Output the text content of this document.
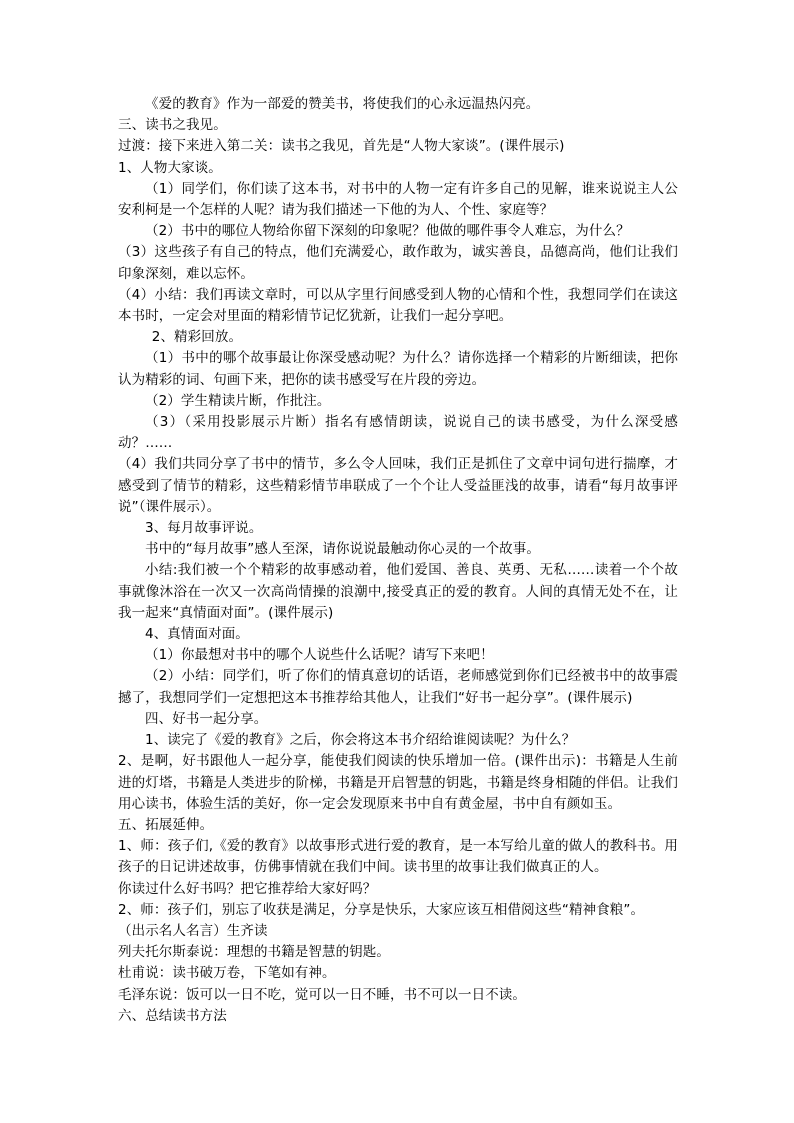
《爱的教育》作为一部爱的赞美书，将使我们的心永远温热闪亮。

三、读书之我见。

过渡：接下来进入第二关：读书之我见，首先是“人物大家谈”。(课件展示)

1、人物大家谈。

（1）同学们，你们读了这本书，对书中的人物一定有许多自己的见解，谁来说说主人公安利柯是一个怎样的人呢？请为我们描述一下他的为人、个性、家庭等？

（2）书中的哪位人物给你留下深刻的印象呢？他做的哪件事令人难忘，为什么？

（3）这些孩子有自己的特点，他们充满爱心，敢作敢为，诚实善良，品德高尚，他们让我们印象深刻，难以忘怀。

（4）小结：我们再读文章时，可以从字里行间感受到人物的心情和个性，我想同学们在读这本书时，一定会对里面的精彩情节记忆犹新，让我们一起分享吧。

2、精彩回放。

（1）书中的哪个故事最让你深受感动呢？为什么？请你选择一个精彩的片断细读，把你认为精彩的词、句画下来，把你的读书感受写在片段的旁边。

（2）学生精读片断，作批注。

（3）（采用投影展示片断）指名有感情朗读，说说自己的读书感受，为什么深受感动？……

（4）我们共同分享了书中的情节，多么令人回味，我们正是抓住了文章中词句进行揣摩，才感受到了情节的精彩，这些精彩情节串联成了一个个让人受益匪浅的故事，请看“每月故事评说”（课件展示）。

3、每月故事评说。

书中的“每月故事”感人至深，请你说说最触动你心灵的一个故事。

小结:我们被一个个精彩的故事感动着，他们爱国、善良、英勇、无私……读着一个个故事就像沐浴在一次又一次高尚情操的浪潮中,接受真正的爱的教育。人间的真情无处不在，让我一起来“真情面对面”。(课件展示)

4、真情面对面。

（1）你最想对书中的哪个人说些什么话呢？请写下来吧！

（2）小结：同学们，听了你们的情真意切的话语，老师感觉到你们已经被书中的故事震撼了，我想同学们一定想把这本书推荐给其他人，让我们“好书一起分享”。(课件展示)

四、好书一起分享。

1、读完了《爱的教育》之后，你会将这本书介绍给谁阅读呢？为什么？

2、是啊，好书跟他人一起分享，能使我们阅读的快乐增加一倍。(课件出示)：书籍是人生前进的灯塔，书籍是人类进步的阶梯，书籍是开启智慧的钥匙，书籍是终身相随的伴侣。让我们用心读书，体验生活的美好，你一定会发现原来书中自有黄金屋，书中自有颜如玉。

五、拓展延伸。

1、师：孩子们,《爱的教育》以故事形式进行爱的教育，是一本写给儿童的做人的教科书。用孩子的日记讲述故事，仿佛事情就在我们中间。读书里的故事让我们做真正的人。

你读过什么好书吗？把它推荐给大家好吗？

2、师：孩子们，别忘了收获是满足，分享是快乐，大家应该互相借阅这些“精神食粮”。

（出示名人名言）生齐读

列夫托尔斯泰说：理想的书籍是智慧的钥匙。

杜甫说：读书破万卷，下笔如有神。

毛泽东说：饭可以一日不吃，觉可以一日不睡，书不可以一日不读。

六、总结读书方法
